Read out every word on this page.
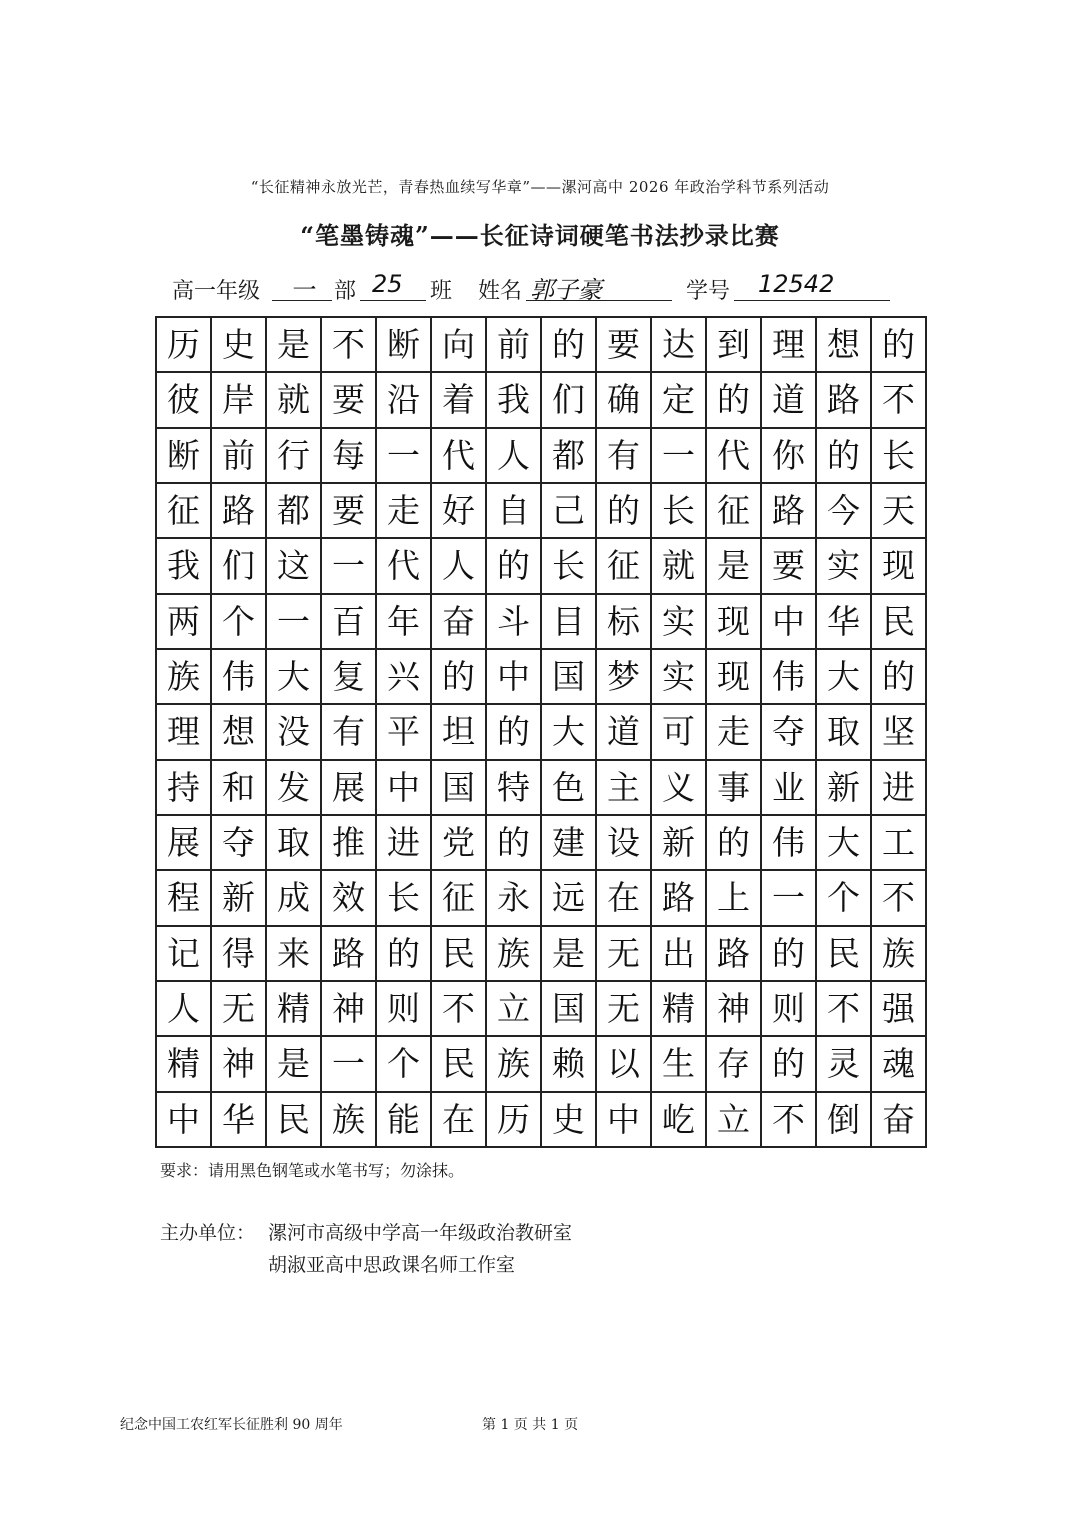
“长征精神永放光芒，青春热血续写华章”——漯河高中 2026 年政治学科节系列活动
“笔墨铸魂”——长征诗词硬笔书法抄录比赛
高一年级 一 部 25 班 姓名 郭子豪	学号 12542
历 史 是 不 断 向 前 的 要 达 到 理 想 的
彼 岸 就 要 沿 着 我 们 确 定 的 道 路 不
断 前 行 每 一 代 人 都 有 一 代 你 的 长
征 路 都 要 走 好 自 己 的 长 征 路 今 天
我 们 这 一 代 人 的 长 征 就 是 要 实 现
两 个 一 百 年 奋 斗 目 标 实 现 中 华 民
族 伟 大 复 兴 的 中 国 梦 实 现 伟 大 的
理 想 没 有 平 坦 的 大 道 可 走 夺 取 坚
持 和 发 展 中 国 特 色 主 义 事 业 新 进
展 夺 取 推 进 党 的 建 设 新 的 伟 大 工
程 新 成 效 长 征 永 远 在 路 上 一 个 不
记 得 来 路 的 民 族 是 无 出 路 的 民 族
人 无 精 神 则 不 立 国 无 精 神 则 不 强
精 神 是 一 个 民 族 赖 以 生 存 的 灵 魂
中 华 民 族 能 在 历 史 中 屹 立 不 倒 奋
要求：请用黑色钢笔或水笔书写；勿涂抹。
主办单位： 漯河市高级中学高一年级政治教研室
胡淑亚高中思政课名师工作室
纪念中国工农红军长征胜利 90 周年	第 1 页 共 1 页
